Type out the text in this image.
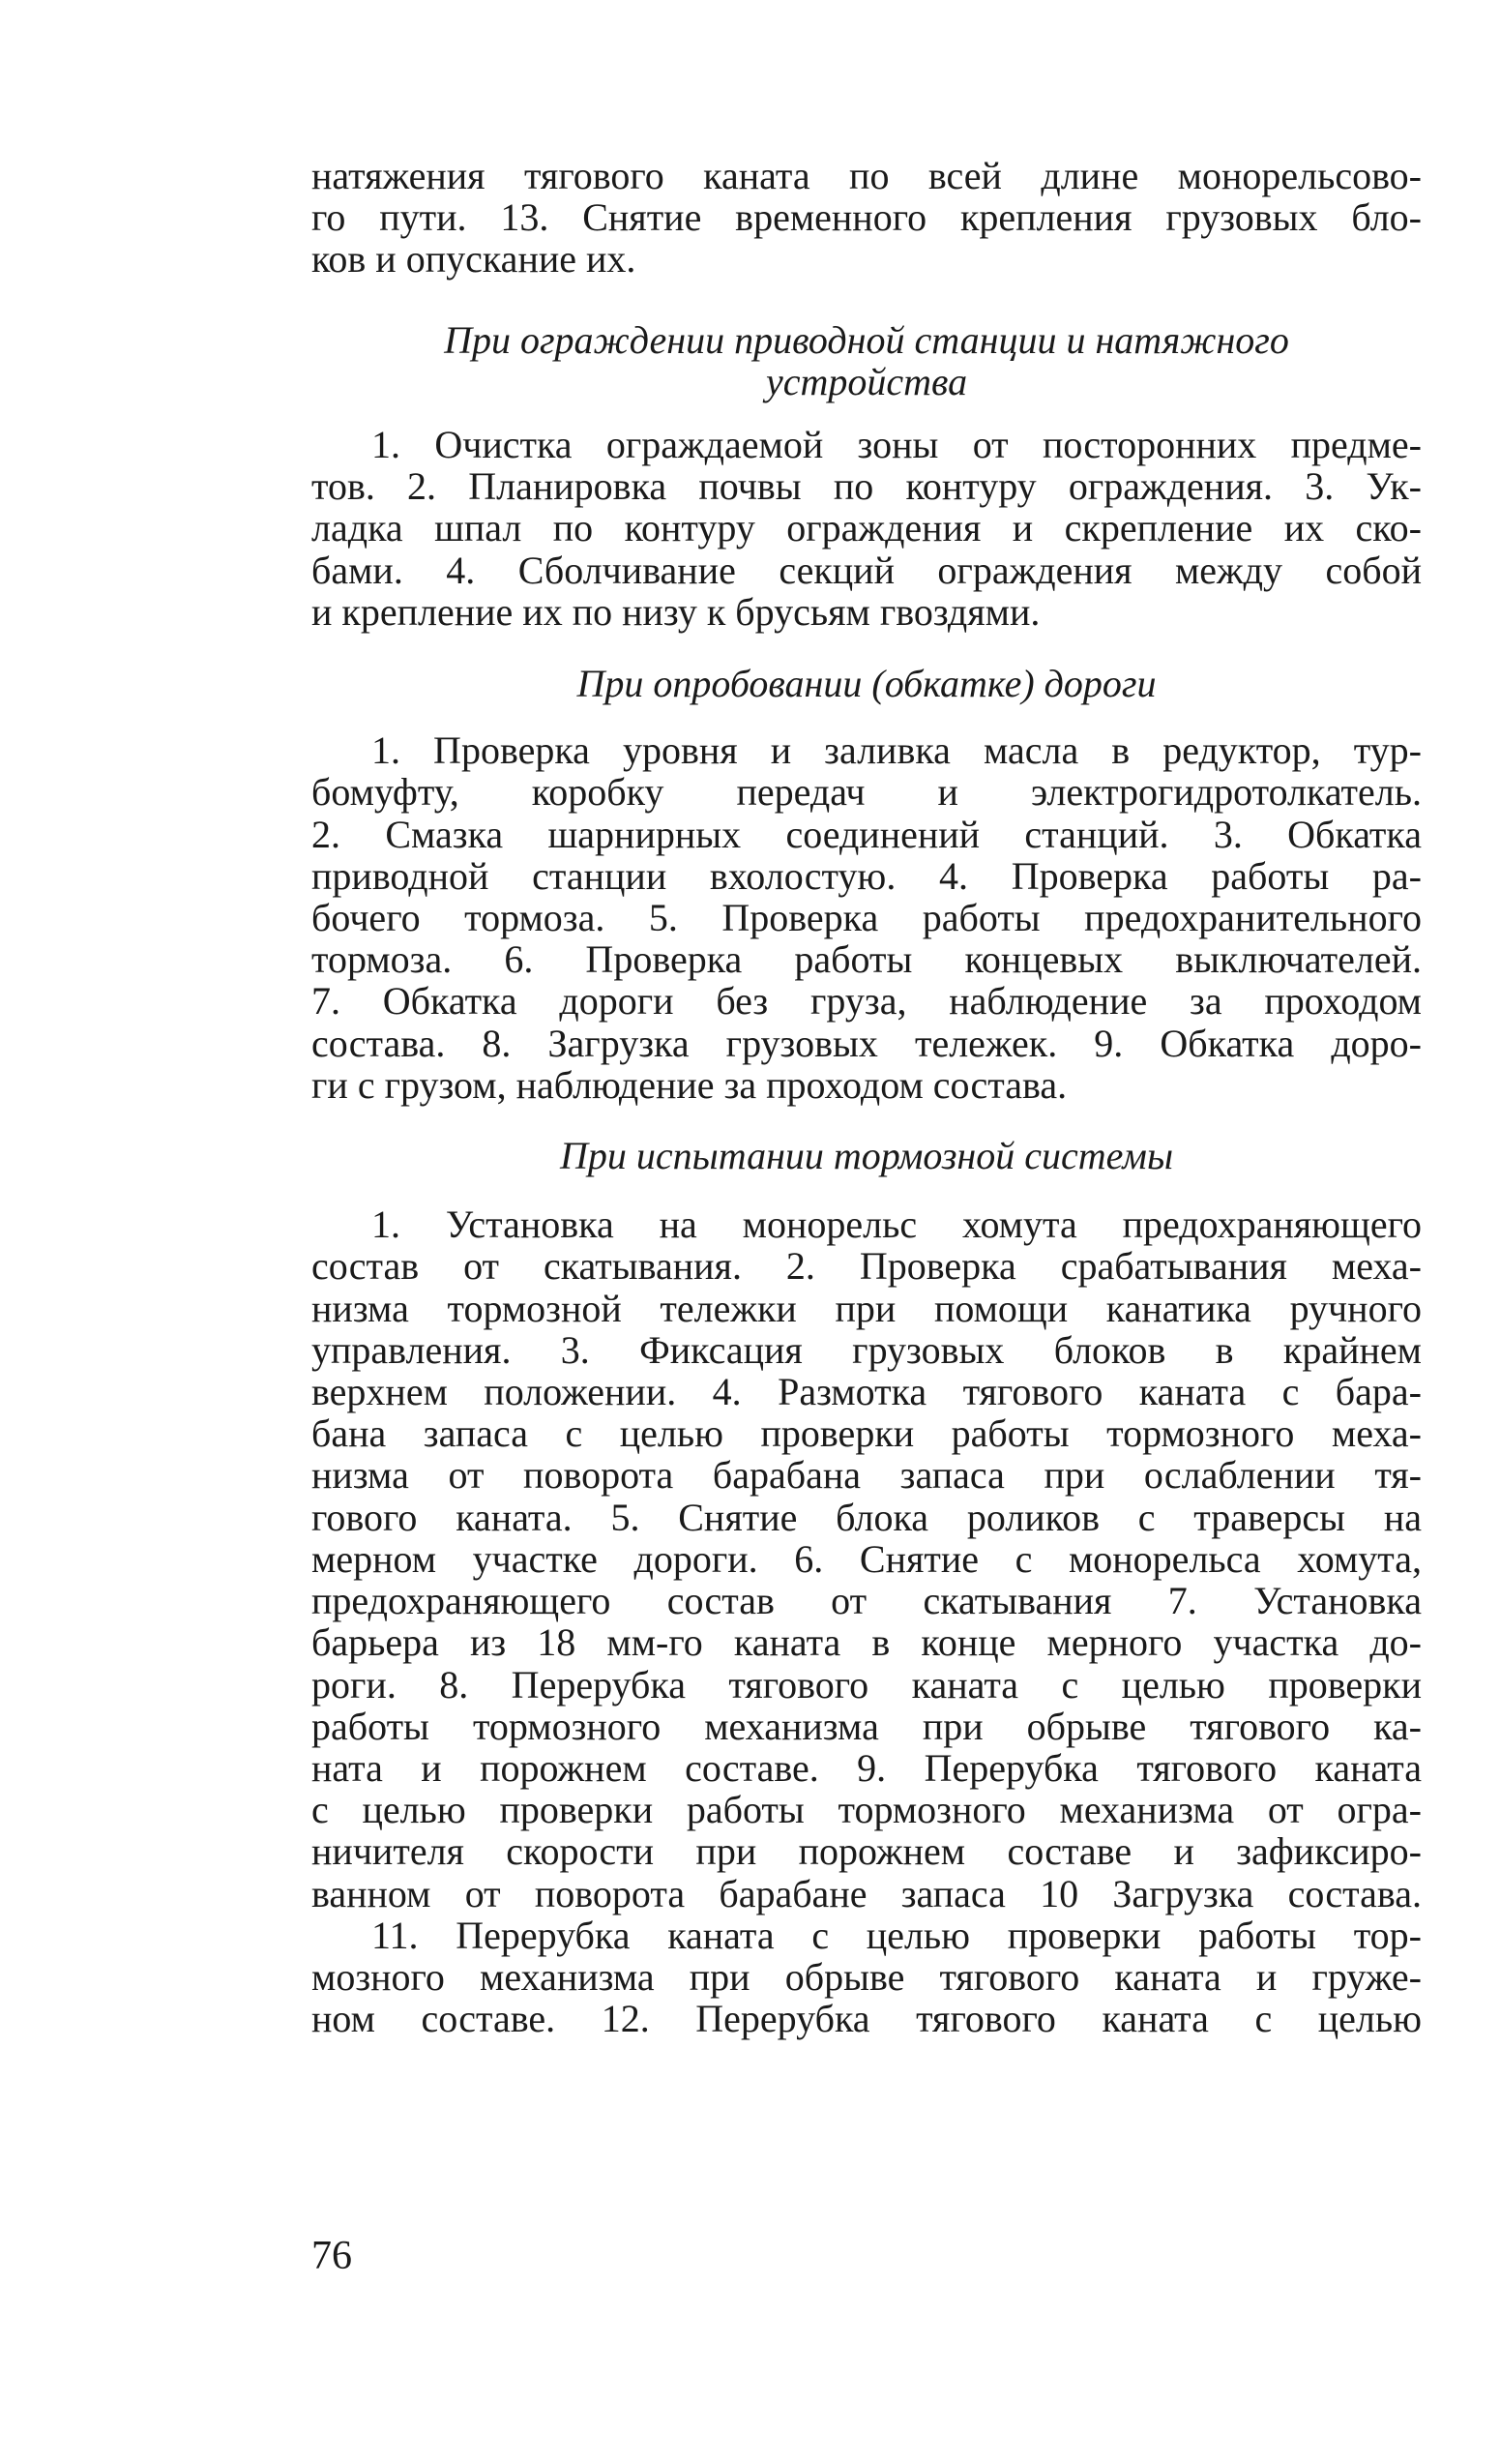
натяжения тягового каната по всей длине монорельсово-
го пути. 13. Снятие временного крепления грузовых бло-
ков и опускание их.
При ограждении приводной станции и натяжного
устройства
1. Очистка ограждаемой зоны от посторонних предме-
тов. 2. Планировка почвы по контуру ограждения. 3. Ук-
ладка шпал по контуру ограждения и скрепление их ско-
бами. 4. Сболчивание секций ограждения между собой
и крепление их по низу к брусьям гвоздями.
При опробовании (обкатке) дороги
1. Проверка уровня и заливка масла в редуктор, тур-
бомуфту, коробку передач и электрогидротолкатель.
2. Смазка шарнирных соединений станций. 3. Обкатка
приводной станции вхолостую. 4. Проверка работы ра-
бочего тормоза. 5. Проверка работы предохранительного
тормоза. 6. Проверка работы концевых выключателей.
7. Обкатка дороги без груза, наблюдение за проходом
состава. 8. Загрузка грузовых тележек. 9. Обкатка доро-
ги с грузом, наблюдение за проходом состава.
При испытании тормозной системы
1. Установка на монорельс хомута предохраняющего
состав от скатывания. 2. Проверка срабатывания меха-
низма тормозной тележки при помощи канатика ручного
управления. 3. Фиксация грузовых блоков в крайнем
верхнем положении. 4. Размотка тягового каната с бара-
бана запаса с целью проверки работы тормозного меха-
низма от поворота барабана запаса при ослаблении тя-
гового каната. 5. Снятие блока роликов с траверсы на
мерном участке дороги. 6. Снятие с монорельса хомута,
предохраняющего состав от скатывания 7. Установка
барьера из 18 мм-го каната в конце мерного участка до-
роги. 8. Перерубка тягового каната с целью проверки
работы тормозного механизма при обрыве тягового ка-
ната и порожнем составе. 9. Перерубка тягового каната
с целью проверки работы тормозного механизма от огра-
ничителя скорости при порожнем составе и зафиксиро-
ванном от поворота барабане запаса 10 Загрузка состава.
11. Перерубка каната с целью проверки работы тор-
мозного механизма при обрыве тягового каната и груже-
ном составе. 12. Перерубка тягового каната с целью
76
